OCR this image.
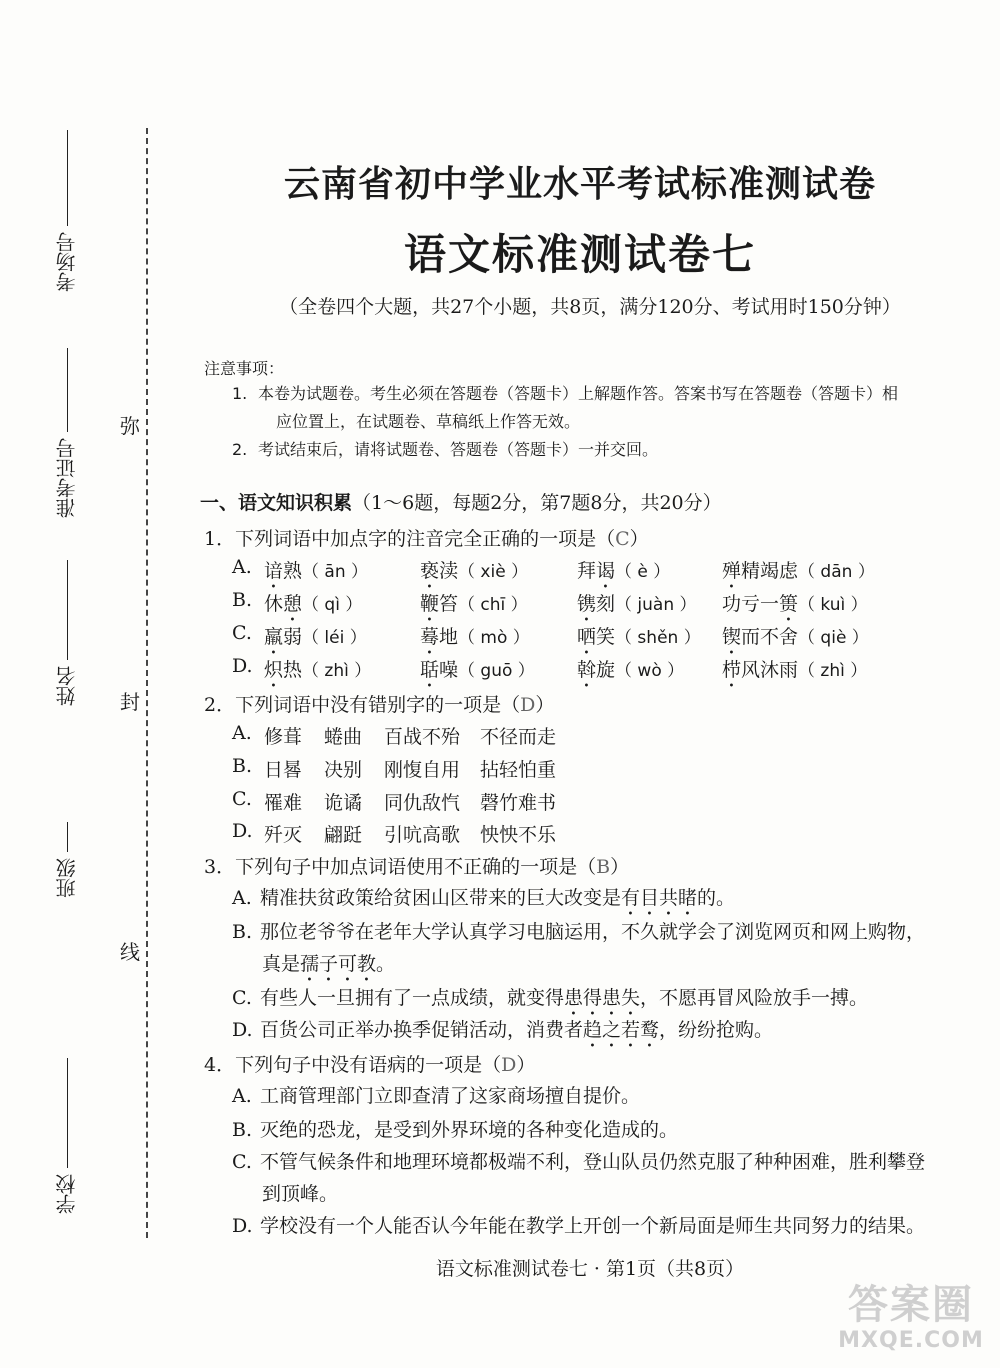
考场号
准考证号
姓名
班级
学校
弥
封
线
云南省初中学业水平考试标准测试卷
语文标准测试卷七
（全卷四个大题，共27个小题，共8页，满分120分、考试用时150分钟）
注意事项：
1. 本卷为试题卷。考生必须在答题卷（答题卡）上解题作答。答案书写在答题卷（答题卡）相
应位置上，在试题卷、草稿纸上作答无效。
2. 考试结束后，请将试题卷、答题卷（答题卡）一并交回。
一、语文知识积累（1～6题，每题2分，第7题8分，共20分）
1．下列词语中加点字的注音完全正确的一项是（C）
A. 谙熟（ ān ）	亵渎（ xiè ）	拜谒（ è ）	殚精竭虑（ dān ）
B. 休憩（ qì ）	鞭笞（ chī ）	镌刻（ juàn ） 功亏一篑（ kuì ）
C. 羸弱（ léi ）	蓦地（ mò ） 哂笑（ shěn ） 锲而不舍（ qiè ）
D. 炽热（ zhì ）	聒噪（ guō ） 斡旋（ wò ） 栉风沐雨（ zhì ）
2．下列词语中没有错别字的一项是（D）
A. 修葺 蜷曲 百战不殆 不径而走
B. 日晷 决别 刚愎自用 拈轻怕重
C. 罹难 诡谲 同仇敌忾 磬竹难书
D. 歼灭 翩跹 引吭高歌 怏怏不乐
3．下列句子中加点词语使用不正确的一项是（B）
A. 精准扶贫政策给贫困山区带来的巨大改变是有目共睹的。
B. 那位老爷爷在老年大学认真学习电脑运用，不久就学会了浏览网页和网上购物，
真是孺子可教。
C. 有些人一旦拥有了一点成绩，就变得患得患失，不愿再冒风险放手一搏。
D. 百货公司正举办换季促销活动，消费者趋之若鹜，纷纷抢购。
4．下列句子中没有语病的一项是（D）
A. 工商管理部门立即查清了这家商场擅自提价。
B. 灭绝的恐龙，是受到外界环境的各种变化造成的。
C. 不管气候条件和地理环境都极端不利，登山队员仍然克服了种种困难，胜利攀登
到顶峰。
D. 学校没有一个人能否认今年能在教学上开创一个新局面是师生共同努力的结果。
语文标准测试卷七 · 第1页（共8页）
答案圈
MXQE.COM
